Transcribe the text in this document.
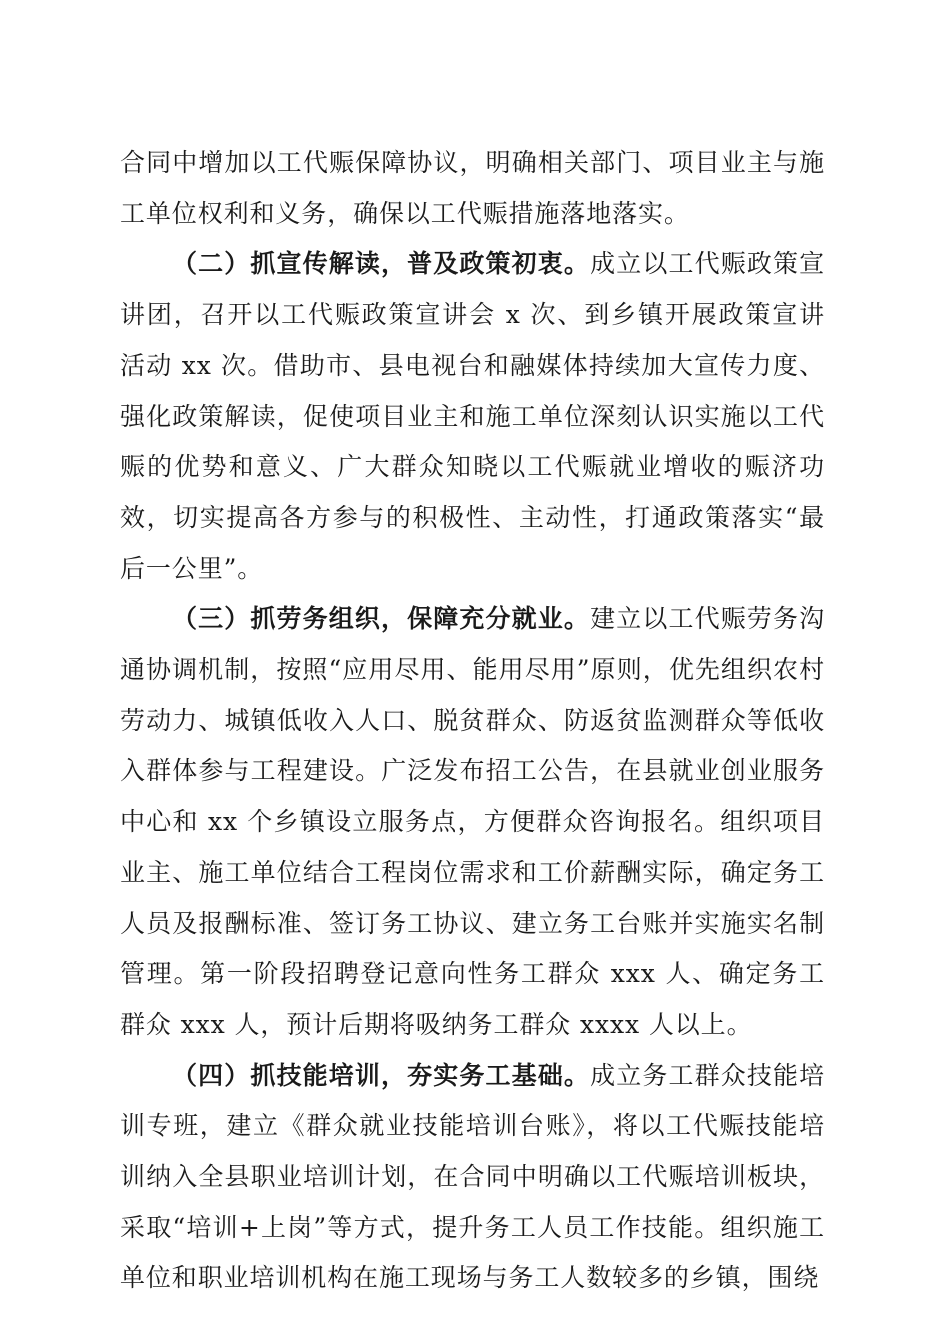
合同中增加以工代赈保障协议，明确相关部门、项目业主与施工单位权利和义务，确保以工代赈措施落地落实。

（二）抓宣传解读，普及政策初衷。成立以工代赈政策宣讲团，召开以工代赈政策宣讲会 x 次、到乡镇开展政策宣讲活动 xx 次。借助市、县电视台和融媒体持续加大宣传力度、强化政策解读，促使项目业主和施工单位深刻认识实施以工代赈的优势和意义、广大群众知晓以工代赈就业增收的赈济功效，切实提高各方参与的积极性、主动性，打通政策落实“最后一公里”。

（三）抓劳务组织，保障充分就业。建立以工代赈劳务沟通协调机制，按照“应用尽用、能用尽用”原则，优先组织农村劳动力、城镇低收入人口、脱贫群众、防返贫监测群众等低收入群体参与工程建设。广泛发布招工公告，在县就业创业服务中心和 xx 个乡镇设立服务点，方便群众咨询报名。组织项目业主、施工单位结合工程岗位需求和工价薪酬实际，确定务工人员及报酬标准、签订务工协议、建立务工台账并实施实名制管理。第一阶段招聘登记意向性务工群众 xxx 人、确定务工群众 xxx 人，预计后期将吸纳务工群众 xxxx 人以上。

（四）抓技能培训，夯实务工基础。成立务工群众技能培训专班，建立《群众就业技能培训台账》，将以工代赈技能培训纳入全县职业培训计划，在合同中明确以工代赈培训板块，采取“培训+上岗”等方式，提升务工人员工作技能。组织施工单位和职业培训机构在施工现场与务工人数较多的乡镇，围绕
